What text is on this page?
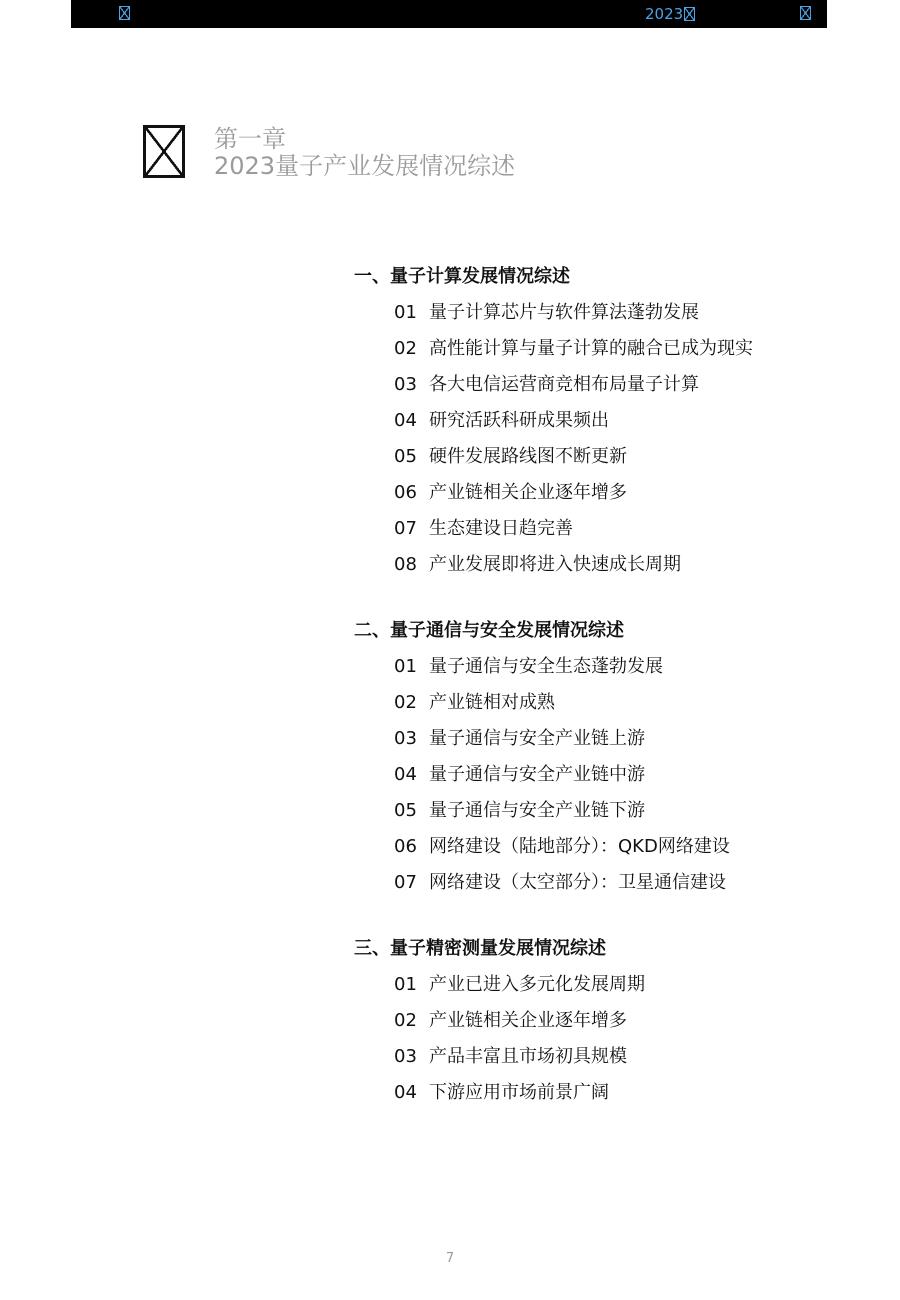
2023
第一章
2023量子产业发展情况综述
一、量子计算发展情况综述
01 量子计算芯片与软件算法蓬勃发展
02 高性能计算与量子计算的融合已成为现实
03 各大电信运营商竞相布局量子计算
04 研究活跃科研成果频出
05 硬件发展路线图不断更新
06 产业链相关企业逐年增多
07 生态建设日趋完善
08 产业发展即将进入快速成长周期
二、量子通信与安全发展情况综述
01 量子通信与安全生态蓬勃发展
02 产业链相对成熟
03 量子通信与安全产业链上游
04 量子通信与安全产业链中游
05 量子通信与安全产业链下游
06 网络建设（陆地部分）：QKD网络建设
07 网络建设（太空部分）：卫星通信建设
三、量子精密测量发展情况综述
01 产业已进入多元化发展周期
02 产业链相关企业逐年增多
03 产品丰富且市场初具规模
04 下游应用市场前景广阔
7
